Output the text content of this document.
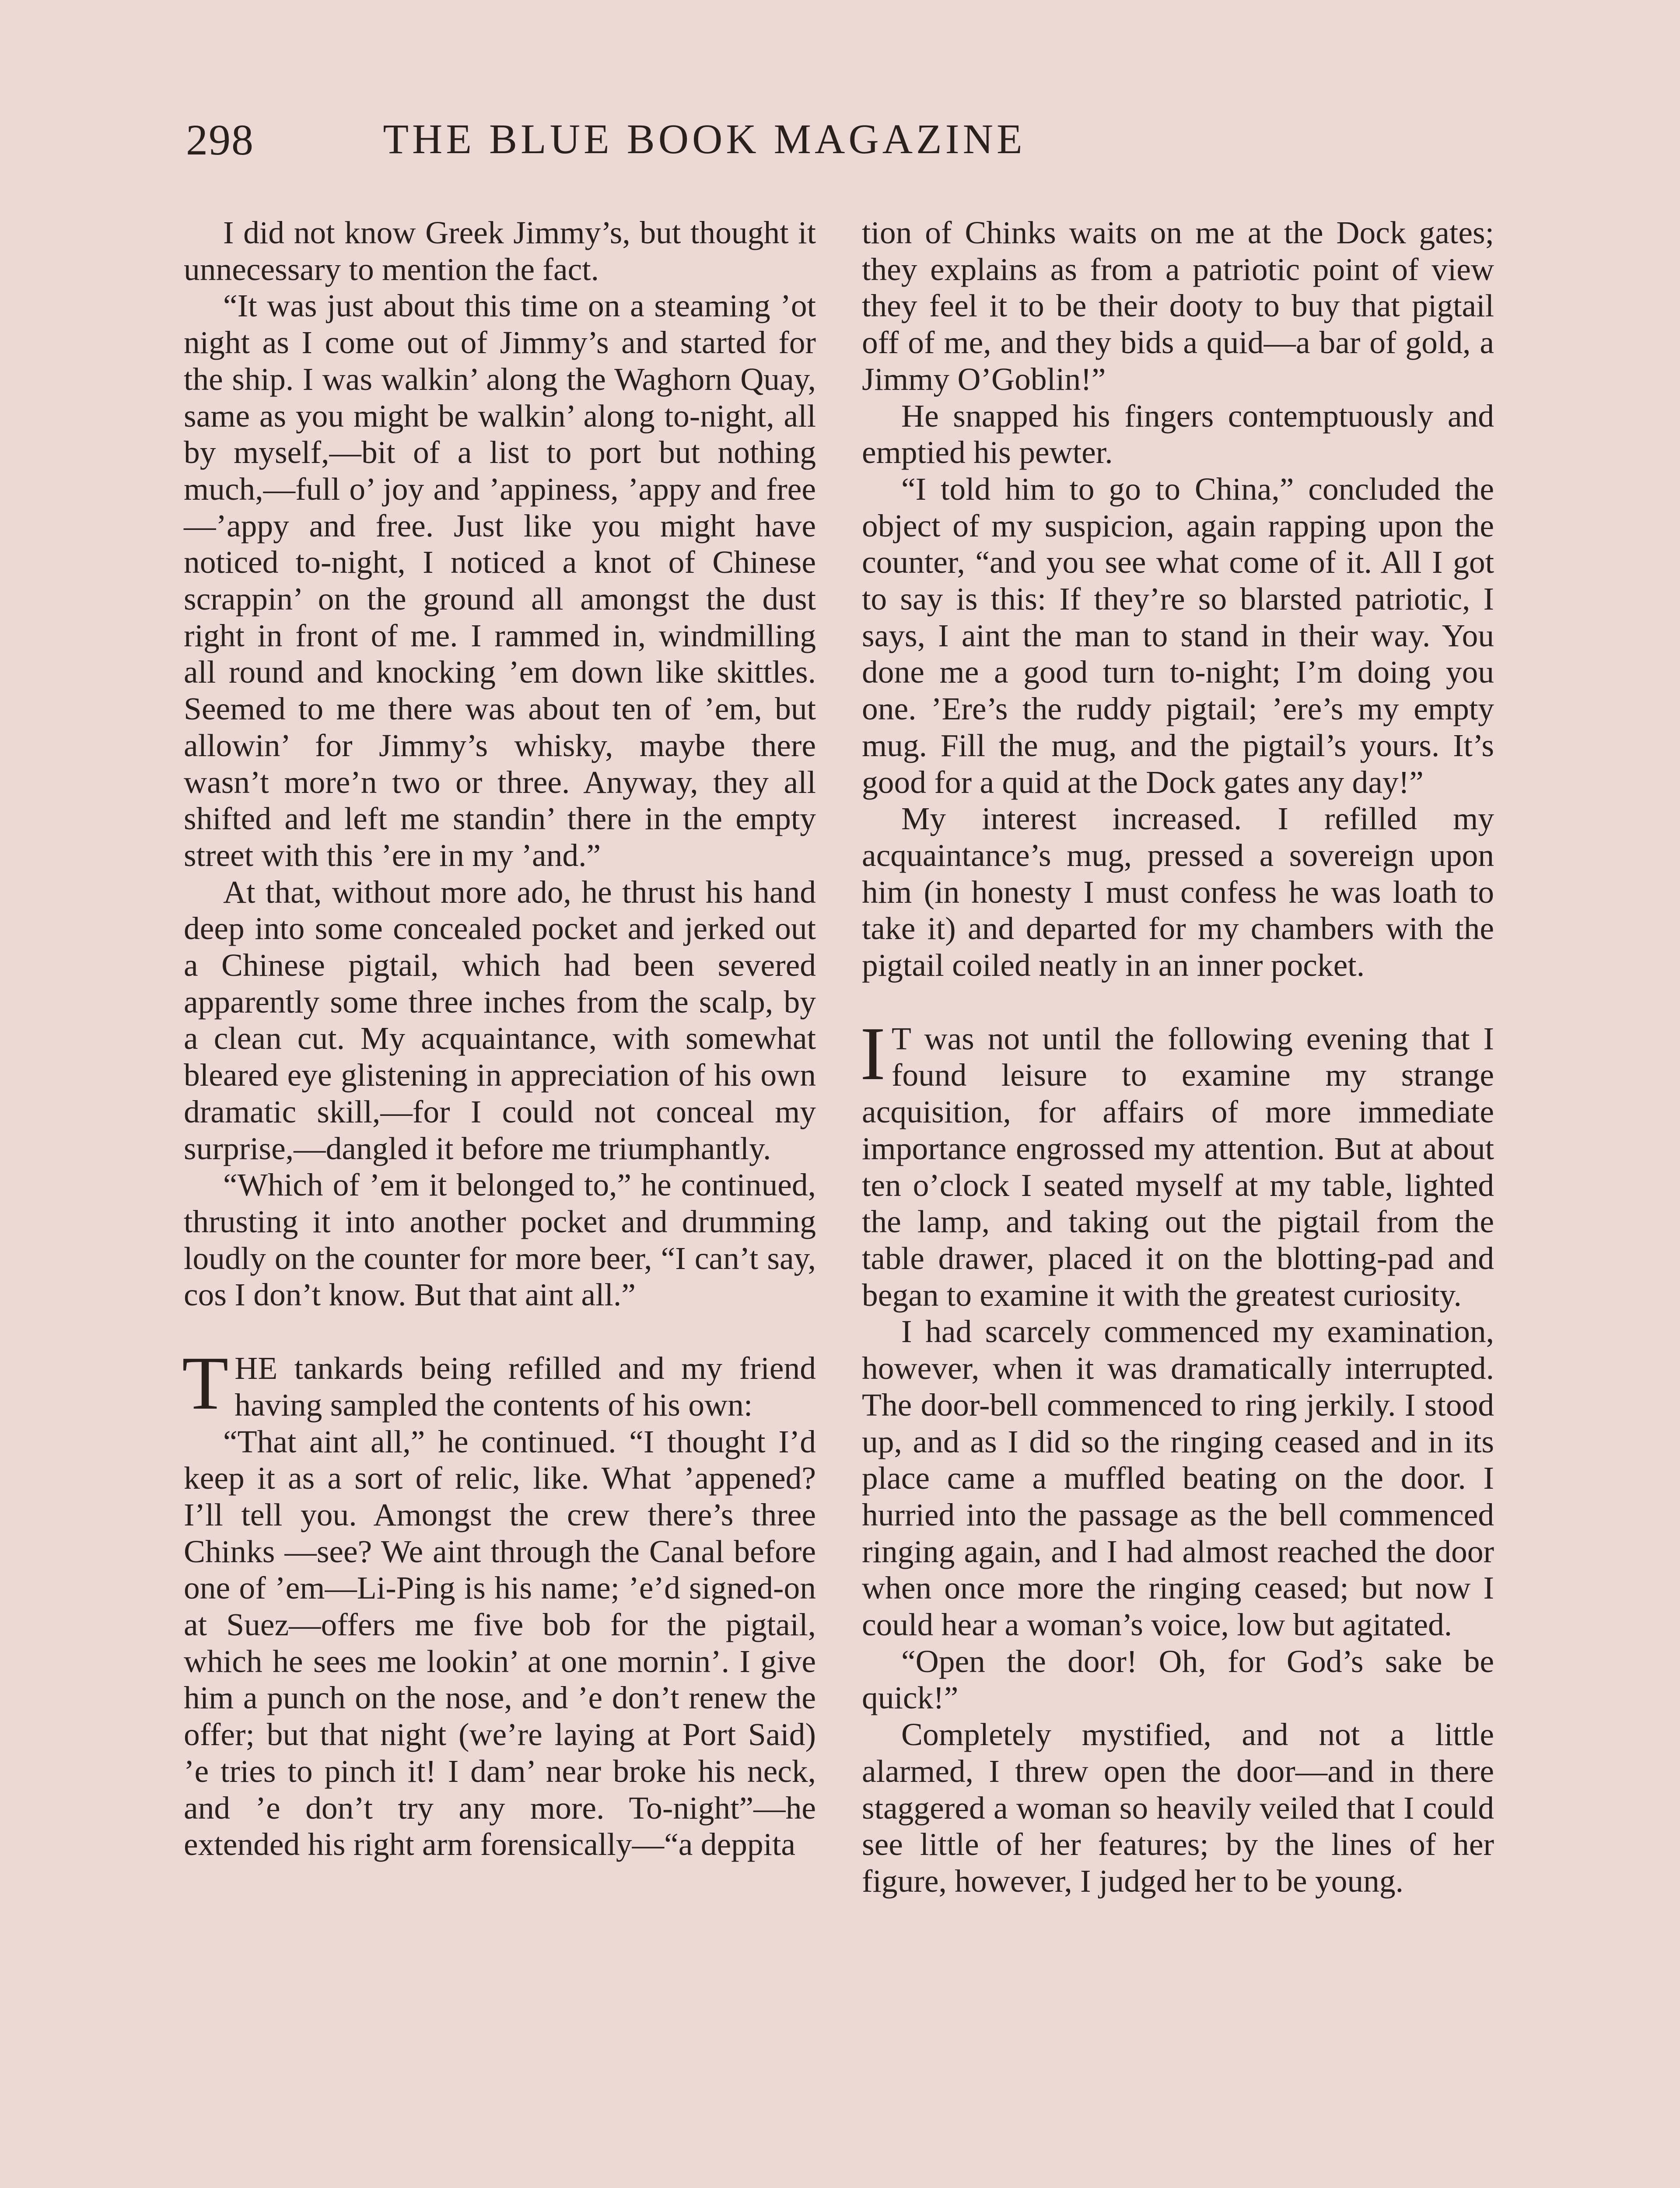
298	THE BLUE BOOK MAGAZINE

I did not know Greek Jimmy’s, but thought it unnecessary to mention the fact.

“It was just about this time on a steaming ’ot night as I come out of Jimmy’s and started for the ship. I was walkin’ along the Waghorn Quay, same as you might be walkin’ along to-night, all by myself,—bit of a list to port but nothing much,—full o’ joy and ’appiness, ’appy and free—’appy and free. Just like you might have noticed to-night, I noticed a knot of Chinese scrappin’ on the ground all amongst the dust right in front of me. I rammed in, windmilling all round and knocking ’em down like skittles. Seemed to me there was about ten of ’em, but allowin’ for Jimmy’s whisky, maybe there wasn’t more’n two or three. Anyway, they all shifted and left me standin’ there in the empty street with this ’ere in my ’and.”

At that, without more ado, he thrust his hand deep into some concealed pocket and jerked out a Chinese pigtail, which had been severed apparently some three inches from the scalp, by a clean cut. My acquaintance, with somewhat bleared eye glistening in appreciation of his own dramatic skill,—for I could not conceal my surprise,—dangled it before me triumphantly.

“Which of ’em it belonged to,” he continued, thrusting it into another pocket and drumming loudly on the counter for more beer, “I can’t say, cos I don’t know. But that aint all.”

THE tankards being refilled and my friend having sampled the contents of his own:

“That aint all,” he continued. “I thought I’d keep it as a sort of relic, like. What ’appened? I’ll tell you. Amongst the crew there’s three Chinks —see? We aint through the Canal before one of ’em—Li-Ping is his name; ’e’d signed-on at Suez—offers me five bob for the pigtail, which he sees me lookin’ at one mornin’. I give him a punch on the nose, and ’e don’t renew the offer; but that night (we’re laying at Port Said) ’e tries to pinch it! I dam’ near broke his neck, and ’e don’t try any more. To-night”—he extended his right arm forensically—“a deppita

tion of Chinks waits on me at the Dock gates; they explains as from a patriotic point of view they feel it to be their dooty to buy that pigtail off of me, and they bids a quid—a bar of gold, a Jimmy O’Goblin!”

He snapped his fingers contemptuously and emptied his pewter.

“I told him to go to China,” concluded the object of my suspicion, again rapping upon the counter, “and you see what come of it. All I got to say is this: If they’re so blarsted patriotic, I says, I aint the man to stand in their way. You done me a good turn to-night; I’m doing you one. ’Ere’s the ruddy pigtail; ’ere’s my empty mug. Fill the mug, and the pigtail’s yours. It’s good for a quid at the Dock gates any day!”

My interest increased. I refilled my acquaintance’s mug, pressed a sovereign upon him (in honesty I must confess he was loath to take it) and departed for my chambers with the pigtail coiled neatly in an inner pocket.

I T was not until the following evening that I found leisure to examine my strange acquisition, for affairs of more immediate importance engrossed my attention. But at about ten o’clock I seated myself at my table, lighted the lamp, and taking out the pigtail from the table drawer, placed it on the blotting-pad and began to examine it with the greatest curiosity.

I had scarcely commenced my examination, however, when it was dramatically interrupted. The door-bell commenced to ring jerkily. I stood up, and as I did so the ringing ceased and in its place came a muffled beating on the door. I hurried into the passage as the bell commenced ringing again, and I had almost reached the door when once more the ringing ceased; but now I could hear a woman’s voice, low but agitated.

“Open the door! Oh, for God’s sake be quick!”

Completely mystified, and not a little alarmed, I threw open the door—and in there staggered a woman so heavily veiled that I could see little of her features; by the lines of her figure, however, I judged her to be young.
